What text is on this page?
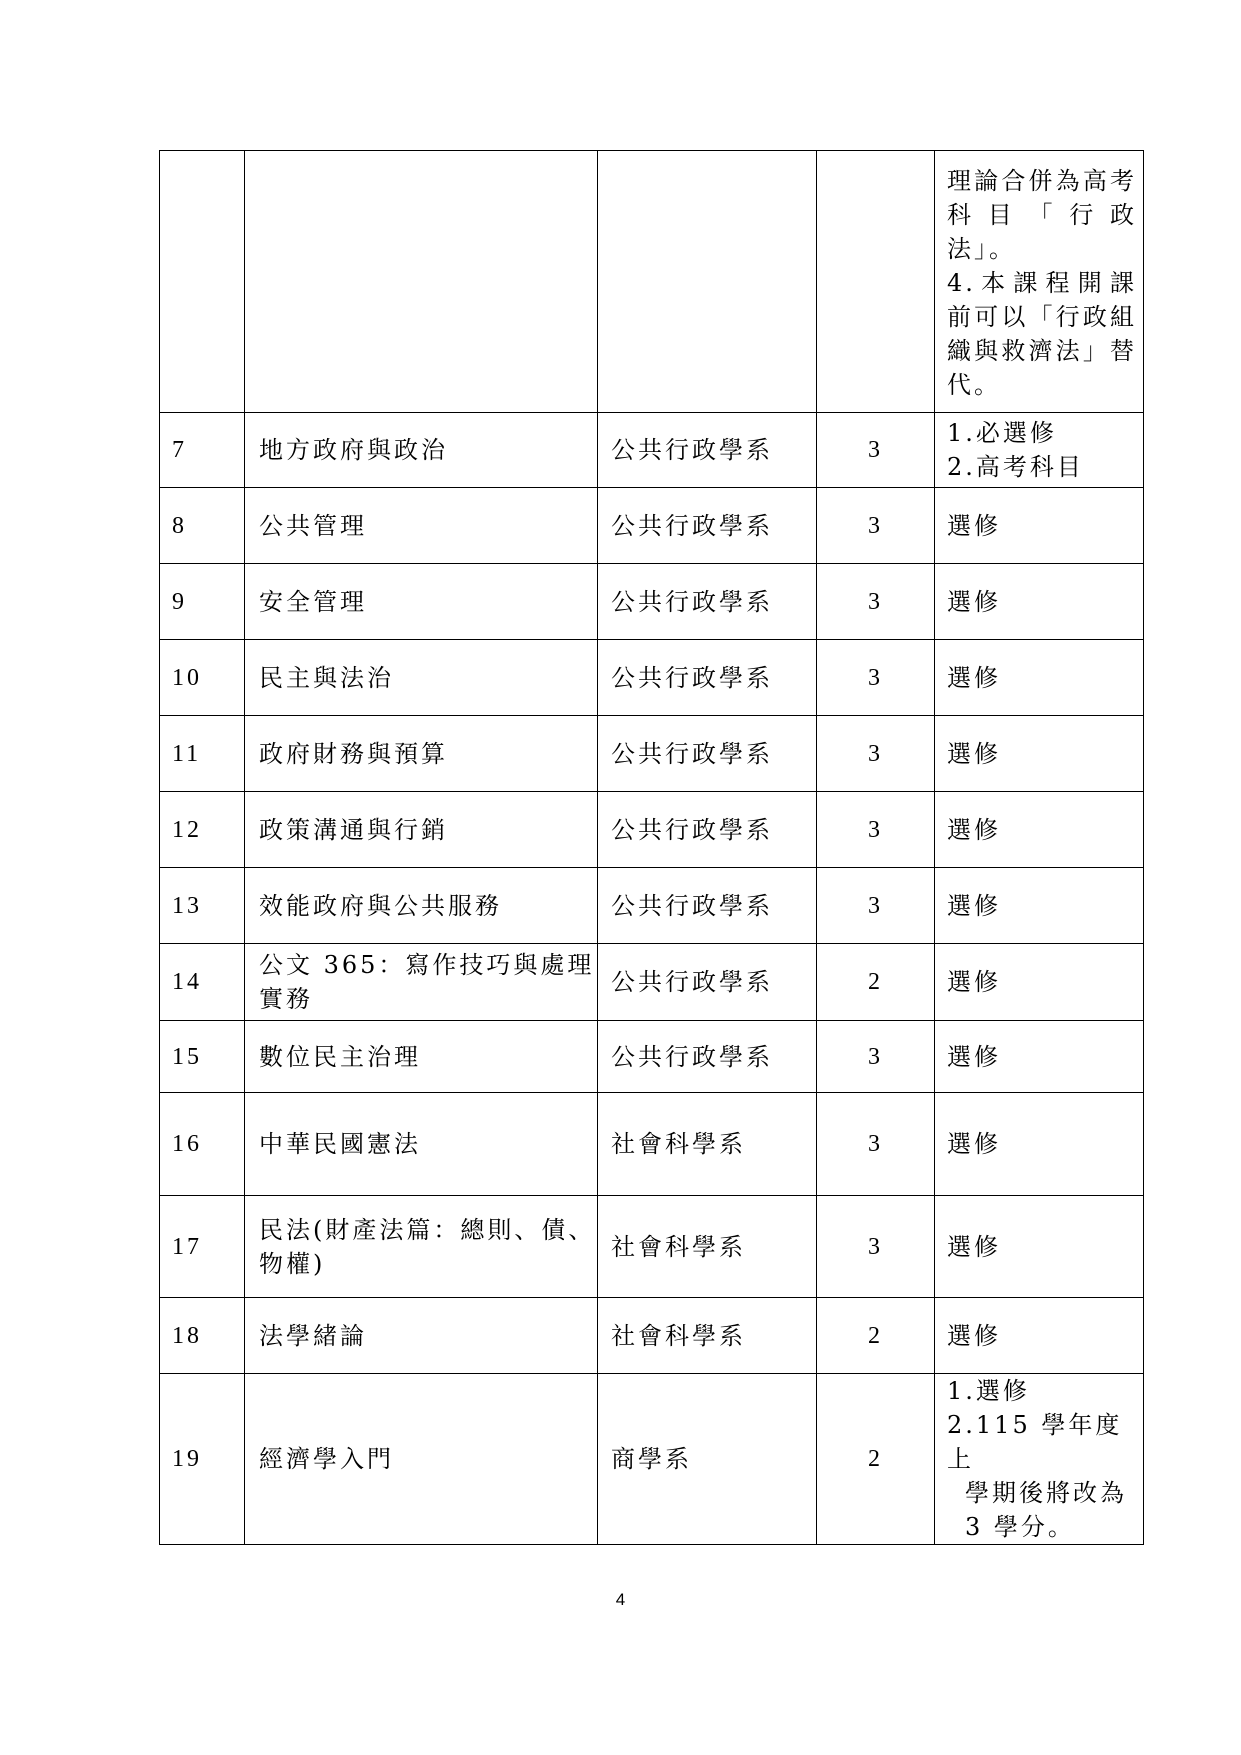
				理論合併為高考科目「行政法」。
4.本課程開課前可以「行政組織與救濟法」替代。

7	地方政府與政治	公共行政學系	3	1.必選修
2.高考科目

8	公共管理	公共行政學系	3	選修

9	安全管理	公共行政學系	3	選修

10	民主與法治	公共行政學系	3	選修

11	政府財務與預算	公共行政學系	3	選修

12	政策溝通與行銷	公共行政學系	3	選修

13	效能政府與公共服務	公共行政學系	3	選修

14	公文 365：寫作技巧與處理實務	公共行政學系	2	選修

15	數位民主治理	公共行政學系	3	選修

16	中華民國憲法	社會科學系	3	選修

17	民法(財產法篇：總則、債、物權)	社會科學系	3	選修

18	法學緒論	社會科學系	2	選修

19	經濟學入門	商學系	2	1.選修
2.115 學年度上
學期後將改為
3 學分。
4
